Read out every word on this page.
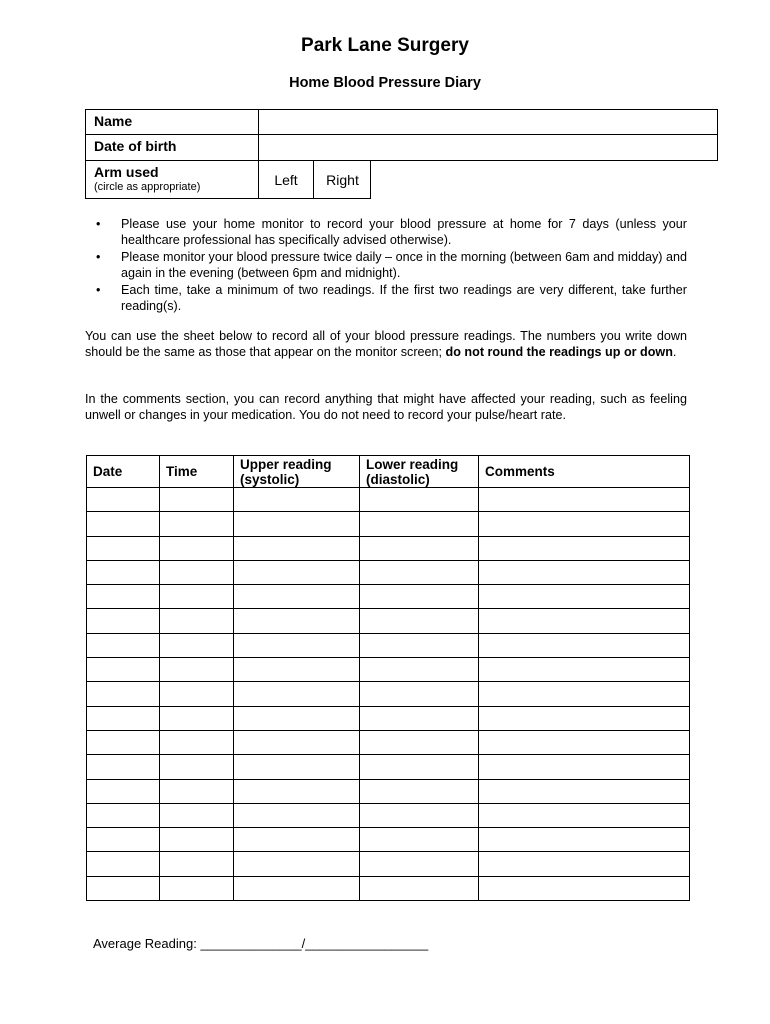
Park Lane Surgery
Home Blood Pressure Diary
Name
Date of birth
Arm used
(circle as appropriate)	Left	Right
• Please use your home monitor to record your blood pressure at home for 7 days (unless your healthcare professional has specifically advised otherwise).
• Please monitor your blood pressure twice daily – once in the morning (between 6am and midday) and again in the evening (between 6pm and midnight).
• Each time, take a minimum of two readings. If the first two readings are very different, take further reading(s).

You can use the sheet below to record all of your blood pressure readings. The numbers you write down should be the same as those that appear on the monitor screen; do not round the readings up or down.

In the comments section, you can record anything that might have affected your reading, such as feeling unwell or changes in your medication. You do not need to record your pulse/heart rate.

Date	Time	Upper reading (systolic)	Lower reading (diastolic)	Comments

Average Reading: ______________/_________________
